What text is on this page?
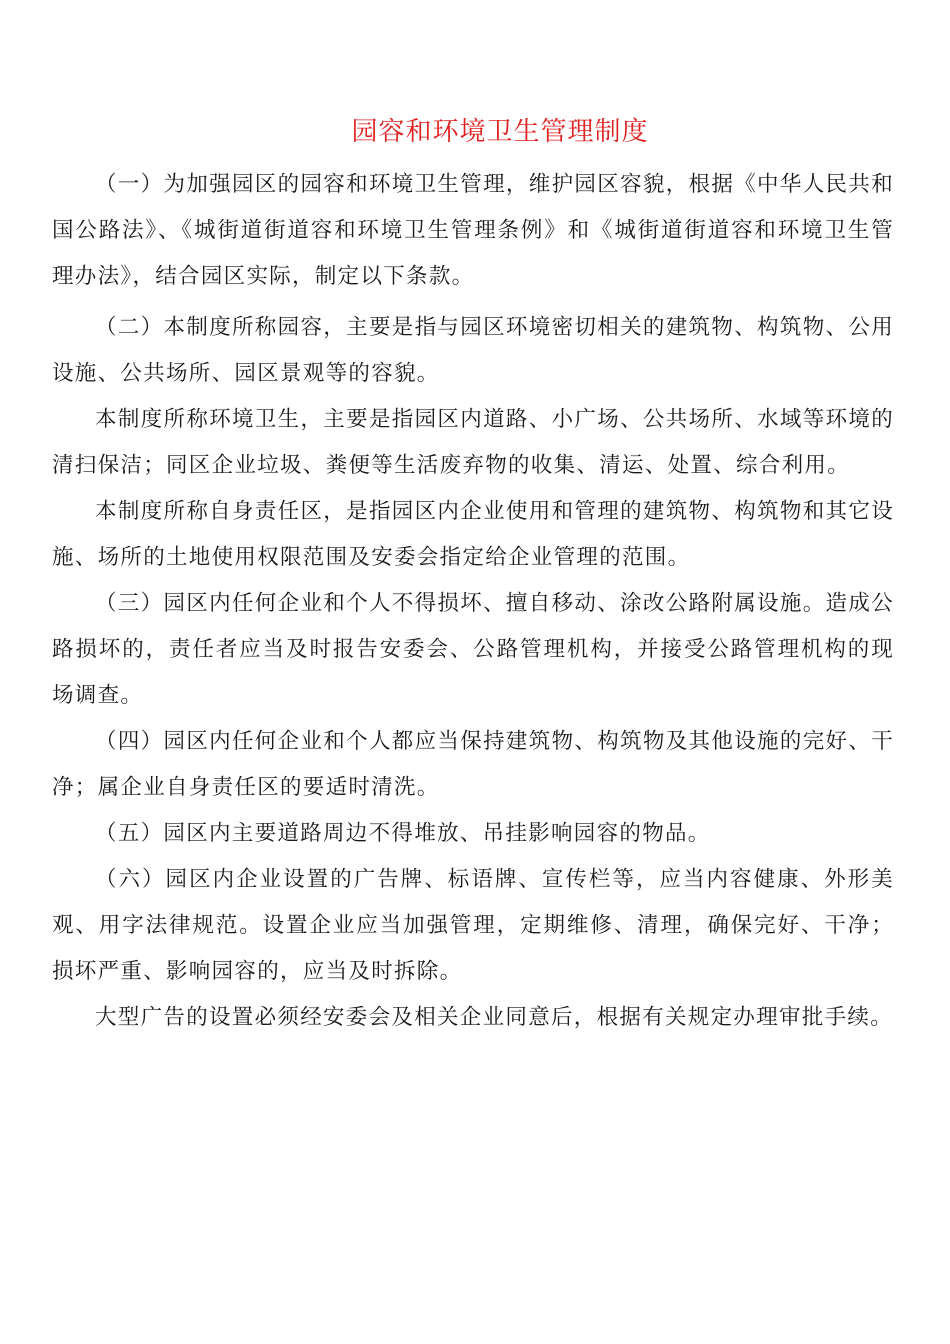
园容和环境卫生管理制度

（一）为加强园区的园容和环境卫生管理，维护园区容貌，根据《中华人民共和国公路法》、《城街道街道容和环境卫生管理条例》和《城街道街道容和环境卫生管理办法》，结合园区实际，制定以下条款。

（二）本制度所称园容，主要是指与园区环境密切相关的建筑物、构筑物、公用设施、公共场所、园区景观等的容貌。

本制度所称环境卫生，主要是指园区内道路、小广场、公共场所、水域等环境的清扫保洁；同区企业垃圾、粪便等生活废弃物的收集、清运、处置、综合利用。

本制度所称自身责任区，是指园区内企业使用和管理的建筑物、构筑物和其它设施、场所的土地使用权限范围及安委会指定给企业管理的范围。

（三）园区内任何企业和个人不得损坏、擅自移动、涂改公路附属设施。造成公路损坏的，责任者应当及时报告安委会、公路管理机构，并接受公路管理机构的现场调查。

（四）园区内任何企业和个人都应当保持建筑物、构筑物及其他设施的完好、干净；属企业自身责任区的要适时清洗。

（五）园区内主要道路周边不得堆放、吊挂影响园容的物品。

（六）园区内企业设置的广告牌、标语牌、宣传栏等，应当内容健康、外形美观、用字法律规范。设置企业应当加强管理，定期维修、清理，确保完好、干净；损坏严重、影响园容的，应当及时拆除。

大型广告的设置必须经安委会及相关企业同意后，根据有关规定办理审批手续。
